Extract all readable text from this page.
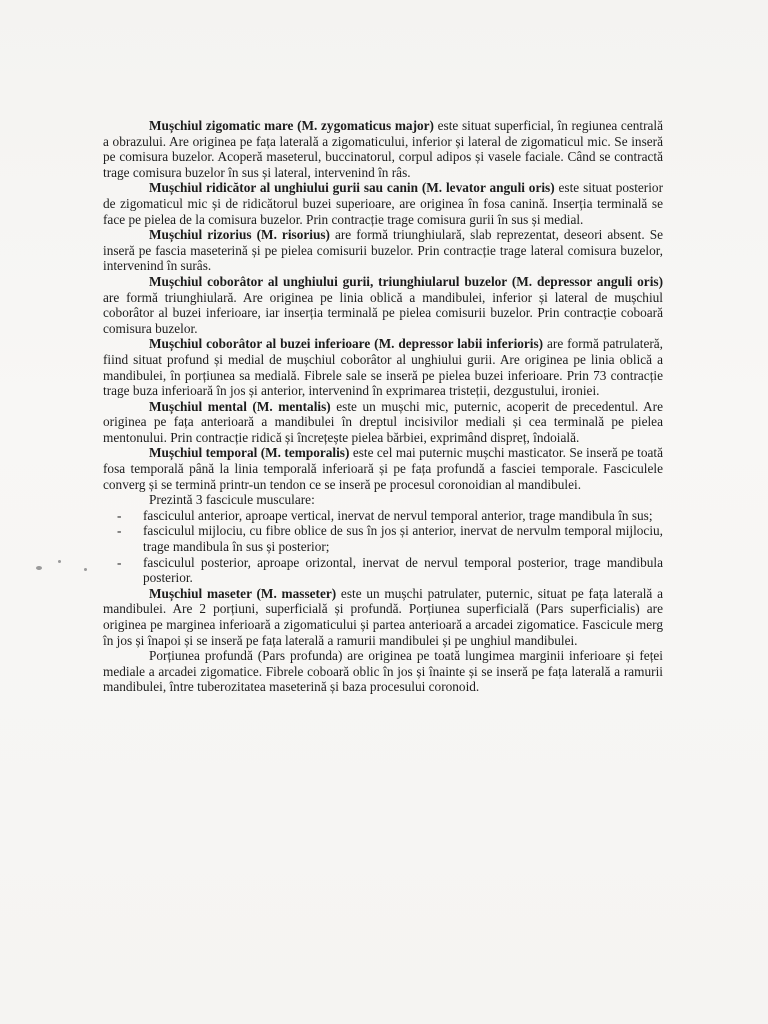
Mușchiul zigomatic mare (M. zygomaticus major) este situat superficial, în regiunea centrală a obrazului. Are originea pe fața laterală a zigomaticului, inferior și lateral de zigomaticul mic. Se inseră pe comisura buzelor. Acoperă maseterul, buccinatorul, corpul adipos și vasele faciale. Când se contractă trage comisura buzelor în sus și lateral, intervenind în râs.

Mușchiul ridicător al unghiului gurii sau canin (M. levator anguli oris) este situat posterior de zigomaticul mic și de ridicătorul buzei superioare, are originea în fosa canină. Inserția terminală se face pe pielea de la comisura buzelor. Prin contracție trage comisura gurii în sus și medial.

Mușchiul rizorius (M. risorius) are formă triunghiulară, slab reprezentat, deseori absent. Se inseră pe fascia maseterină și pe pielea comisurii buzelor. Prin contracție trage lateral comisura buzelor, intervenind în surâs.

Mușchiul coborâtor al unghiului gurii, triunghiularul buzelor (M. depressor anguli oris) are formă triunghiulară. Are originea pe linia oblică a mandibulei, inferior și lateral de mușchiul coborâtor al buzei inferioare, iar inserția terminală pe pielea comisurii buzelor. Prin contracție coboară comisura buzelor.

Mușchiul coborâtor al buzei inferioare (M. depressor labii inferioris) are formă patrulateră, fiind situat profund și medial de mușchiul coborâtor al unghiului gurii. Are originea pe linia oblică a mandibulei, în porțiunea sa medială. Fibrele sale se inseră pe pielea buzei inferioare. Prin 73 contracție trage buza inferioară în jos și anterior, intervenind în exprimarea tristeții, dezgustului, ironiei.

Mușchiul mental (M. mentalis) este un mușchi mic, puternic, acoperit de precedentul. Are originea pe fața anterioară a mandibulei în dreptul incisivilor mediali și cea terminală pe pielea mentonului. Prin contracție ridică și încrețește pielea bărbiei, exprimând dispreț, îndoială.

Mușchiul temporal (M. temporalis) este cel mai puternic mușchi masticator. Se inseră pe toată fosa temporală până la linia temporală inferioară și pe fața profundă a fasciei temporale. Fasciculele converg și se termină printr-un tendon ce se inseră pe procesul coronoidian al mandibulei.

Prezintă 3 fascicule musculare:

- fasciculul anterior, aproape vertical, inervat de nervul temporal anterior, trage mandibula în sus;

- fasciculul mijlociu, cu fibre oblice de sus în jos și anterior, inervat de nervulm temporal mijlociu, trage mandibula în sus și posterior;

- fasciculul posterior, aproape orizontal, inervat de nervul temporal posterior, trage mandibula posterior.

Mușchiul maseter (M. masseter) este un mușchi patrulater, puternic, situat pe fața laterală a mandibulei. Are 2 porțiuni, superficială și profundă. Porțiunea superficială (Pars superficialis) are originea pe marginea inferioară a zigomaticului și partea anterioară a arcadei zigomatice. Fascicule merg în jos și înapoi și se inseră pe fața laterală a ramurii mandibulei și pe unghiul mandibulei.

Porțiunea profundă (Pars profunda) are originea pe toată lungimea marginii inferioare și feței mediale a arcadei zigomatice. Fibrele coboară oblic în jos și înainte și se inseră pe fața laterală a ramurii mandibulei, între tuberozitatea maseterină și baza procesului coronoid.
